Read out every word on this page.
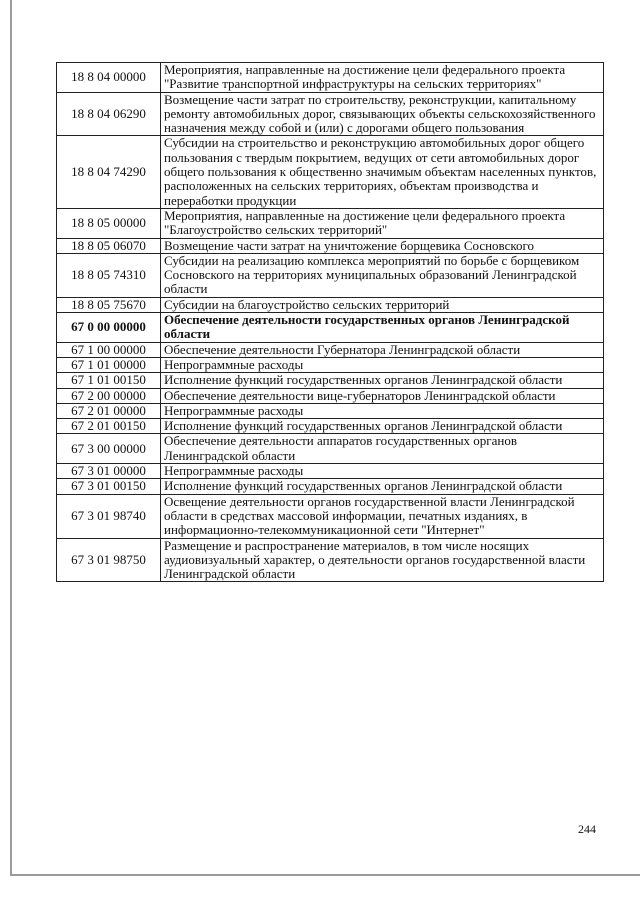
18 8 04 00000	Мероприятия, направленные на достижение цели федерального проекта "Развитие транспортной инфраструктуры на сельских территориях"
18 8 04 06290	Возмещение части затрат по строительству, реконструкции, капитальному ремонту автомобильных дорог, связывающих объекты сельскохозяйственного назначения между собой и (или) с дорогами общего пользования
18 8 04 74290	Субсидии на строительство и реконструкцию автомобильных дорог общего пользования с твердым покрытием, ведущих от сети автомобильных дорог общего пользования к общественно значимым объектам населенных пунктов, расположенных на сельских территориях, объектам производства и переработки продукции
18 8 05 00000	Мероприятия, направленные на достижение цели федерального проекта "Благоустройство сельских территорий"
18 8 05 06070	Возмещение части затрат на уничтожение борщевика Сосновского
18 8 05 74310	Субсидии на реализацию комплекса мероприятий по борьбе с борщевиком Сосновского на территориях муниципальных образований Ленинградской области
18 8 05 75670	Субсидии на благоустройство сельских территорий
67 0 00 00000	Обеспечение деятельности государственных органов Ленинградской области
67 1 00 00000	Обеспечение деятельности Губернатора Ленинградской области
67 1 01 00000	Непрограммные расходы
67 1 01 00150	Исполнение функций государственных органов Ленинградской области
67 2 00 00000	Обеспечение деятельности вице-губернаторов Ленинградской области
67 2 01 00000	Непрограммные расходы
67 2 01 00150	Исполнение функций государственных органов Ленинградской области
67 3 00 00000	Обеспечение деятельности аппаратов государственных органов Ленинградской области
67 3 01 00000	Непрограммные расходы
67 3 01 00150	Исполнение функций государственных органов Ленинградской области
67 3 01 98740	Освещение деятельности органов государственной власти Ленинградской области в средствах массовой информации, печатных изданиях, в информационно-телекоммуникационной сети "Интернет"
67 3 01 98750	Размещение и распространение материалов, в том числе носящих аудиовизуальный характер, о деятельности органов государственной власти Ленинградской области
244
